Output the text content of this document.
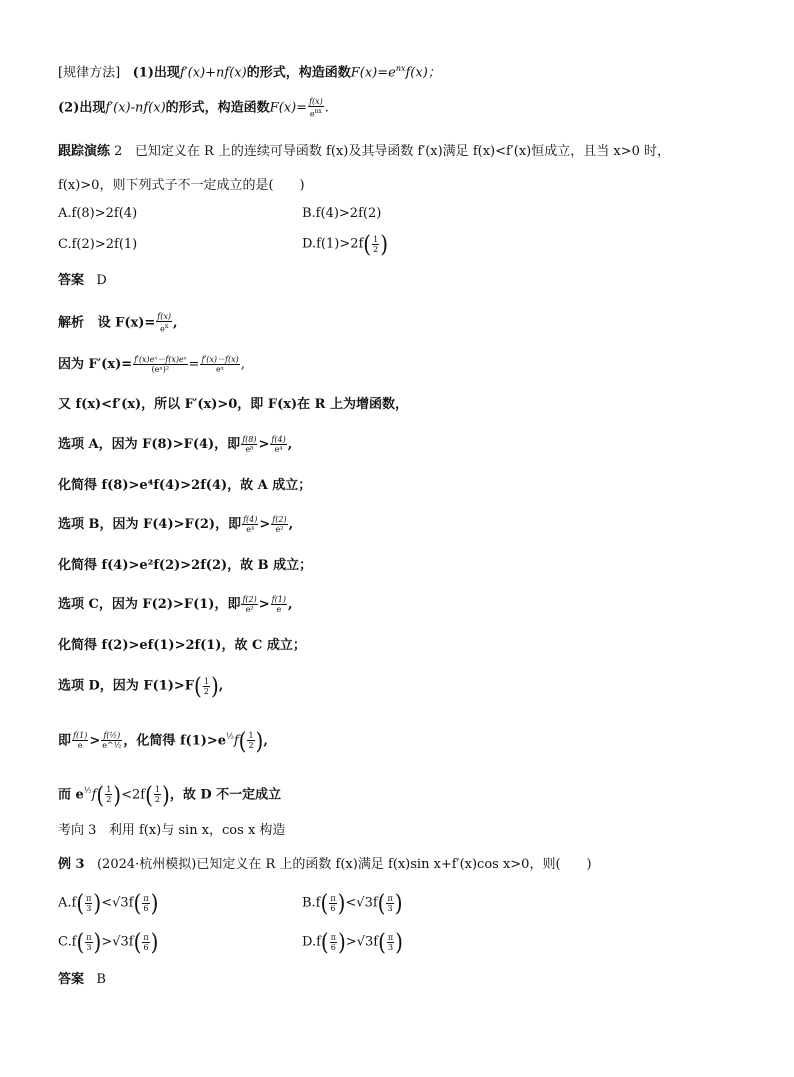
[规律方法] (1)出现f′(x)+nf(x)的形式，构造函数$F(x)=e^{nx}f(x)$；
(2)出现f′(x)-nf(x)的形式，构造函数$F(x)= \frac{f(x)}{e^{nx}}$ .
跟踪演练 2 已知定义在 R 上的连续可导函数 f(x)及其导函数 f′(x)满足 f(x)<f′(x)恒成立，且当 x>0 时，
f(x)>0，则下列式子不一定成立的是(　　)
A.f(8)>2f(4)	B.f(4)>2f(2)
C.f(2)>2f(1)	$D.f(1)>2f( \frac{1}{2}$ )
答案 D
解析 设 $F(x)= \frac{f(x)}{e^x}$ ,
因为 $F'(x)= \frac{\text{f′(x)eˣ－f(x)eˣ}}{\text{(eˣ)²}} = \frac{f'(x)-f(x)}{\text{eˣ}}$ ,
又 f(x)<f′(x)，所以 F′(x)>0，即 F(x)在 R 上为增函数，
选项 A，因为 F(8)>F(4)，即 $\frac{f(8)}{\text{e⁸}} > \frac{f(4)}{\text{e⁴}}$ ,
化简得 f(8)>e⁴f(4)>2f(4)，故 A 成立；
选项 B，因为 F(4)>F(2)，即 $\frac{f(4)}{\text{e⁴}} > \frac{f(2)}{\text{e²}}$ ,
化简得 f(4)>e²f(2)>2f(2)，故 B 成立；
选项 C，因为 F(2)>F(1)，即 $\frac{f(2)}{\text{e²}} > \frac{f(1)}{e}$ ,
化简得 f(2)>ef(1)>2f(1)，故 C 成立；
选项 D，因为 $F(1)>F( \frac{1}{2}$ ),
即 $\frac{f(1)}{e} > \frac{\text{f(½)}}{\text{e\textasciicircum{}½}}$ ，化简得 $f(1)>e^{\frac{1}{2}}f( \frac{1}{2}$ ),
而 $e^{\frac{1}{2}}f( \frac{1}{2} )<2f( \frac{1}{2}$ )，故 D 不一定成立
考向 3 利用 f(x)与 sin x，cos x 构造
例 3 (2024·杭州模拟)已知定义在 R 上的函数 f(x)满足 f(x)sin x+f′(x)cos x>0，则(　　)
$A.f( \frac{\pi}{3} )<√3f( \frac{\pi}{6}$ )	$B.f( \frac{\pi}{6} )<√3f( \frac{\pi}{3}$ )
$C.f( \frac{\pi}{3} )>√3f( \frac{\pi}{6}$ )	$D.f( \frac{\pi}{6} )>√3f( \frac{\pi}{3}$ )
答案 B
